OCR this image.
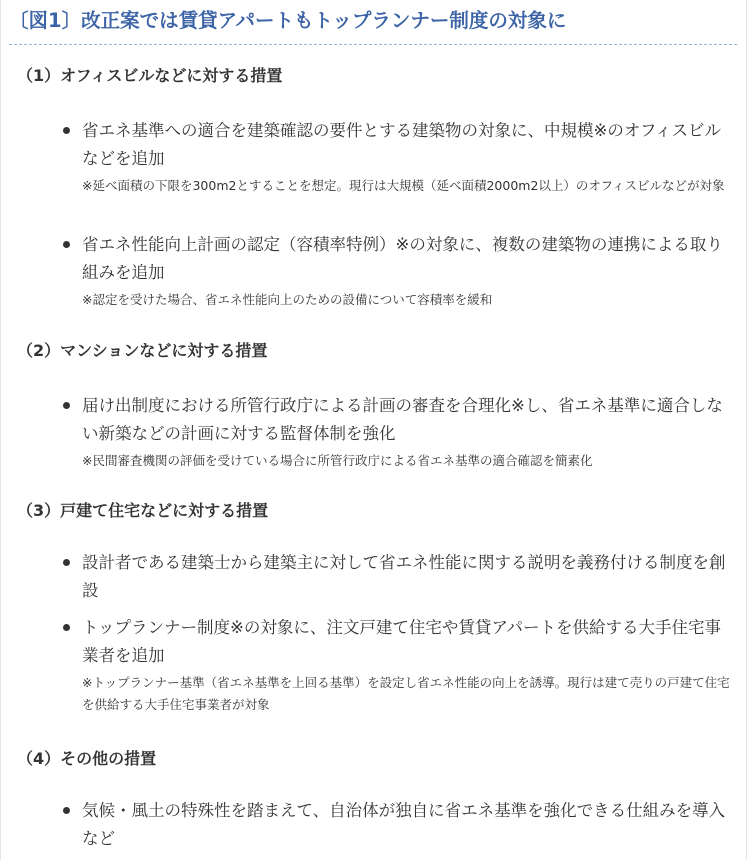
〔図1〕改正案では賃貸アパートもトップランナー制度の対象に
（1）オフィスビルなどに対する措置

省エネ基準への適合を建築確認の要件とする建築物の対象に、中規模※のオフィスビルなどを追加

※延べ面積の下限を300m2とすることを想定。現行は大規模（延べ面積2000m2以上）のオフィスビルなどが対象

省エネ性能向上計画の認定（容積率特例）※の対象に、複数の建築物の連携による取り組みを追加

※認定を受けた場合、省エネ性能向上のための設備について容積率を緩和

（2）マンションなどに対する措置

届け出制度における所管行政庁による計画の審査を合理化※し、省エネ基準に適合しない新築などの計画に対する監督体制を強化

※民間審査機関の評価を受けている場合に所管行政庁による省エネ基準の適合確認を簡素化

（3）戸建て住宅などに対する措置

設計者である建築士から建築主に対して省エネ性能に関する説明を義務付ける制度を創設

トップランナー制度※の対象に、注文戸建て住宅や賃貸アパートを供給する大手住宅事業者を追加

※トップランナー基準（省エネ基準を上回る基準）を設定し省エネ性能の向上を誘導。現行は建て売りの戸建て住宅を供給する大手住宅事業者が対象

（4）その他の措置

気候・風土の特殊性を踏まえて、自治体が独自に省エネ基準を強化できる仕組みを導入　など
